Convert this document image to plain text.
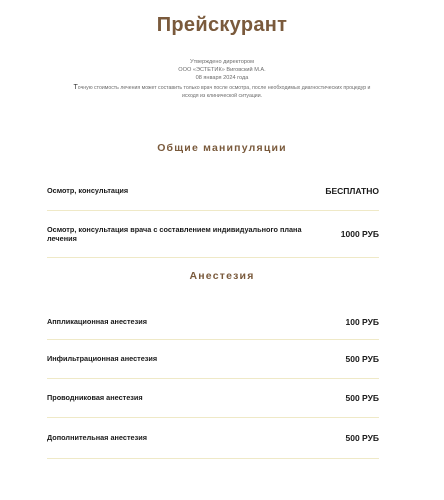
Прейскурант
Утверждено директором
ООО «ЭСТЕТИК» Виговский М.А.
08 января 2024 года
Точную стоимость лечения может составить только врач после осмотра, после необходимых диагностических процедур и исходя из клинической ситуации.
Общие манипуляции
Осмотр, консультация	БЕСПЛАТНО
Осмотр, консультация врача с составлением индивидуального плана лечения	1000 РУБ
Анестезия
Аппликационная анестезия	100 РУБ
Инфильтрационная анестезия	500 РУБ
Проводниковая анестезия	500 РУБ
Дополнительная анестезия	500 РУБ
